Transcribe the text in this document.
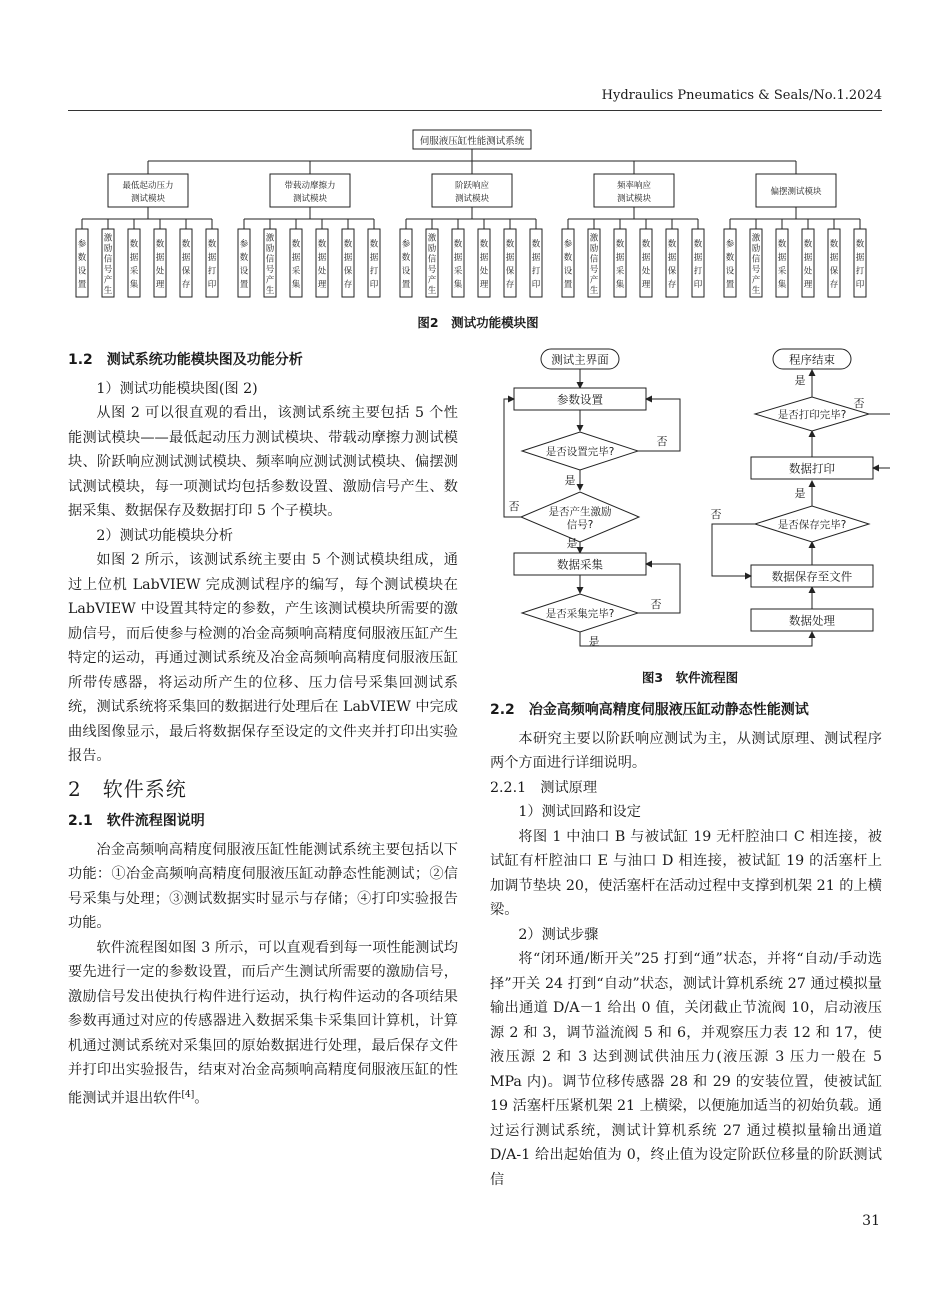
Hydraulics Pneumatics & Seals/No.1.2024
伺服液压缸性能测试系统
最低起动压力
测试模块
参
数
设
置
激
励
信
号
产
生
数
据
采
集
数
据
处
理
数
据
保
存
数
据
打
印
带载动摩擦力
测试模块
参
数
设
置
激
励
信
号
产
生
数
据
采
集
数
据
处
理
数
据
保
存
数
据
打
印
阶跃响应
测试模块
参
数
设
置
激
励
信
号
产
生
数
据
采
集
数
据
处
理
数
据
保
存
数
据
打
印
频率响应
测试模块
参
数
设
置
激
励
信
号
产
生
数
据
采
集
数
据
处
理
数
据
保
存
数
据
打
印
偏摆测试模块
参
数
设
置
激
励
信
号
产
生
数
据
采
集
数
据
处
理
数
据
保
存
数
据
打
印
图2　测试功能模块图
测试主界面
参数设置
是否设置完毕?
否
是
是否产生激励
信号?
否
是
数据采集
是否采集完毕?
否
是
数据处理
数据保存至文件
是否保存完毕?
否
是
数据打印
是否打印完毕?
否
是
程序结束
图3　软件流程图
1.2　测试系统功能模块图及功能分析

1）测试功能模块图(图 2)

从图 2 可以很直观的看出，该测试系统主要包括 5 个性能测试模块——最低起动压力测试模块、带载动摩擦力测试模块、阶跃响应测试测试模块、频率响应测试测试模块、偏摆测试测试模块，每一项测试均包括参数设置、激励信号产生、数据采集、数据保存及数据打印 5 个子模块。

2）测试功能模块分析

如图 2 所示，该测试系统主要由 5 个测试模块组成，通过上位机 LabVIEW 完成测试程序的编写，每个测试模块在 LabVIEW 中设置其特定的参数，产生该测试模块所需要的激励信号，而后使参与检测的冶金高频响高精度伺服液压缸产生特定的运动，再通过测试系统及冶金高频响高精度伺服液压缸所带传感器，将运动所产生的位移、压力信号采集回测试系统，测试系统将采集回的数据进行处理后在 LabVIEW 中完成曲线图像显示，最后将数据保存至设定的文件夹并打印出实验报告。

2　软件系统
2.1　软件流程图说明

冶金高频响高精度伺服液压缸性能测试系统主要包括以下功能：①冶金高频响高精度伺服液压缸动静态性能测试；②信号采集与处理；③测试数据实时显示与存储；④打印实验报告功能。

软件流程图如图 3 所示，可以直观看到每一项性能测试均要先进行一定的参数设置，而后产生测试所需要的激励信号，激励信号发出使执行构件进行运动，执行构件运动的各项结果参数再通过对应的传感器进入数据采集卡采集回计算机，计算机通过测试系统对采集回的原始数据进行处理，最后保存文件并打印出实验报告，结束对冶金高频响高精度伺服液压缸的性能测试并退出软件[4]。

2.2　冶金高频响高精度伺服液压缸动静态性能测试

本研究主要以阶跃响应测试为主，从测试原理、测试程序两个方面进行详细说明。

2.2.1　测试原理

1）测试回路和设定

将图 1 中油口 B 与被试缸 19 无杆腔油口 C 相连接，被试缸有杆腔油口 E 与油口 D 相连接，被试缸 19 的活塞杆上加调节垫块 20，使活塞杆在活动过程中支撑到机架 21 的上横梁。

2）测试步骤

将“闭环通/断开关”25 打到“通”状态，并将“自动/手动选择”开关 24 打到“自动”状态，测试计算机系统 27 通过模拟量输出通道 D/A－1 给出 0 值，关闭截止节流阀 10，启动液压源 2 和 3，调节溢流阀 5 和 6，并观察压力表 12 和 17，使液压源 2 和 3 达到测试供油压力(液压源 3 压力一般在 5 MPa 内)。调节位移传感器 28 和 29 的安装位置，使被试缸 19 活塞杆压紧机架 21 上横梁，以便施加适当的初始负载。通过运行测试系统，测试计算机系统 27 通过模拟量输出通道 D/A-1 给出起始值为 0，终止值为设定阶跃位移量的阶跃测试信

31
